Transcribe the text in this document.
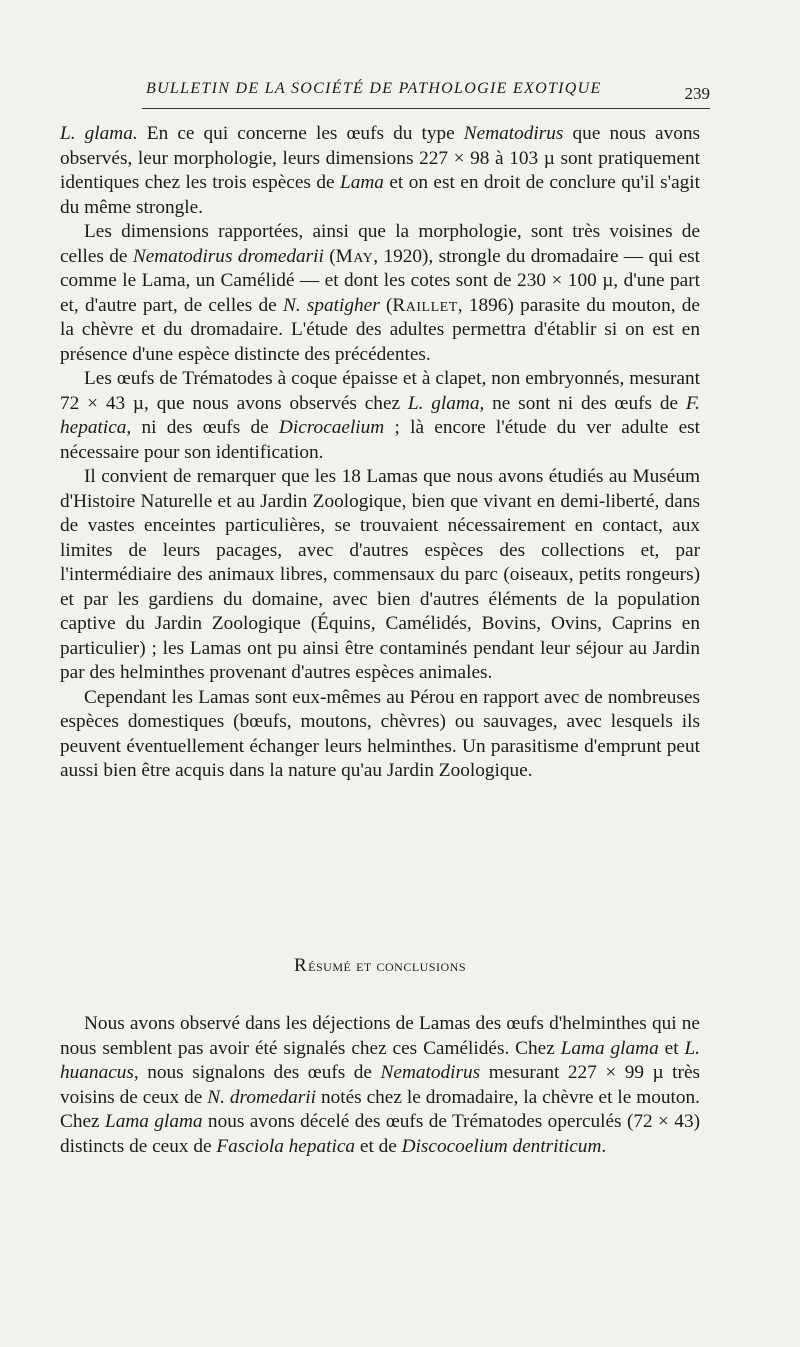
BULLETIN DE LA SOCIÉTÉ DE PATHOLOGIE EXOTIQUE	239

L. glama. En ce qui concerne les œufs du type Nematodirus que nous avons observés, leur morphologie, leurs dimensions 227 × 98 à 103 µ sont pratiquement identiques chez les trois espèces de Lama et on est en droit de conclure qu'il s'agit du même strongle.

Les dimensions rapportées, ainsi que la morphologie, sont très voisines de celles de Nematodirus dromedarii (May, 1920), strongle du dromadaire — qui est comme le Lama, un Camélidé — et dont les cotes sont de 230 × 100 µ, d'une part et, d'autre part, de celles de N. spatigher (Raillet, 1896) parasite du mouton, de la chèvre et du dromadaire. L'étude des adultes permettra d'établir si on est en présence d'une espèce distincte des précédentes.

Les œufs de Trématodes à coque épaisse et à clapet, non embryonnés, mesurant 72 × 43 µ, que nous avons observés chez L. glama, ne sont ni des œufs de F. hepatica, ni des œufs de Dicrocaelium ; là encore l'étude du ver adulte est nécessaire pour son identification.

Il convient de remarquer que les 18 Lamas que nous avons étudiés au Muséum d'Histoire Naturelle et au Jardin Zoologique, bien que vivant en demi-liberté, dans de vastes enceintes particulières, se trouvaient nécessairement en contact, aux limites de leurs pacages, avec d'autres espèces des collections et, par l'intermédiaire des animaux libres, commensaux du parc (oiseaux, petits rongeurs) et par les gardiens du domaine, avec bien d'autres éléments de la population captive du Jardin Zoologique (Équins, Camélidés, Bovins, Ovins, Caprins en particulier) ; les Lamas ont pu ainsi être contaminés pendant leur séjour au Jardin par des helminthes provenant d'autres espèces animales.

Cependant les Lamas sont eux-mêmes au Pérou en rapport avec de nombreuses espèces domestiques (bœufs, moutons, chèvres) ou sauvages, avec lesquels ils peuvent éventuellement échanger leurs helminthes. Un parasitisme d'emprunt peut aussi bien être acquis dans la nature qu'au Jardin Zoologique.

Résumé et conclusions

Nous avons observé dans les déjections de Lamas des œufs d'helminthes qui ne nous semblent pas avoir été signalés chez ces Camélidés. Chez Lama glama et L. huanacus, nous signalons des œufs de Nematodirus mesurant 227 × 99 µ très voisins de ceux de N. dromedarii notés chez le dromadaire, la chèvre et le mouton. Chez Lama glama nous avons décelé des œufs de Trématodes operculés (72 × 43) distincts de ceux de Fasciola hepatica et de Discocoelium dentriticum.
